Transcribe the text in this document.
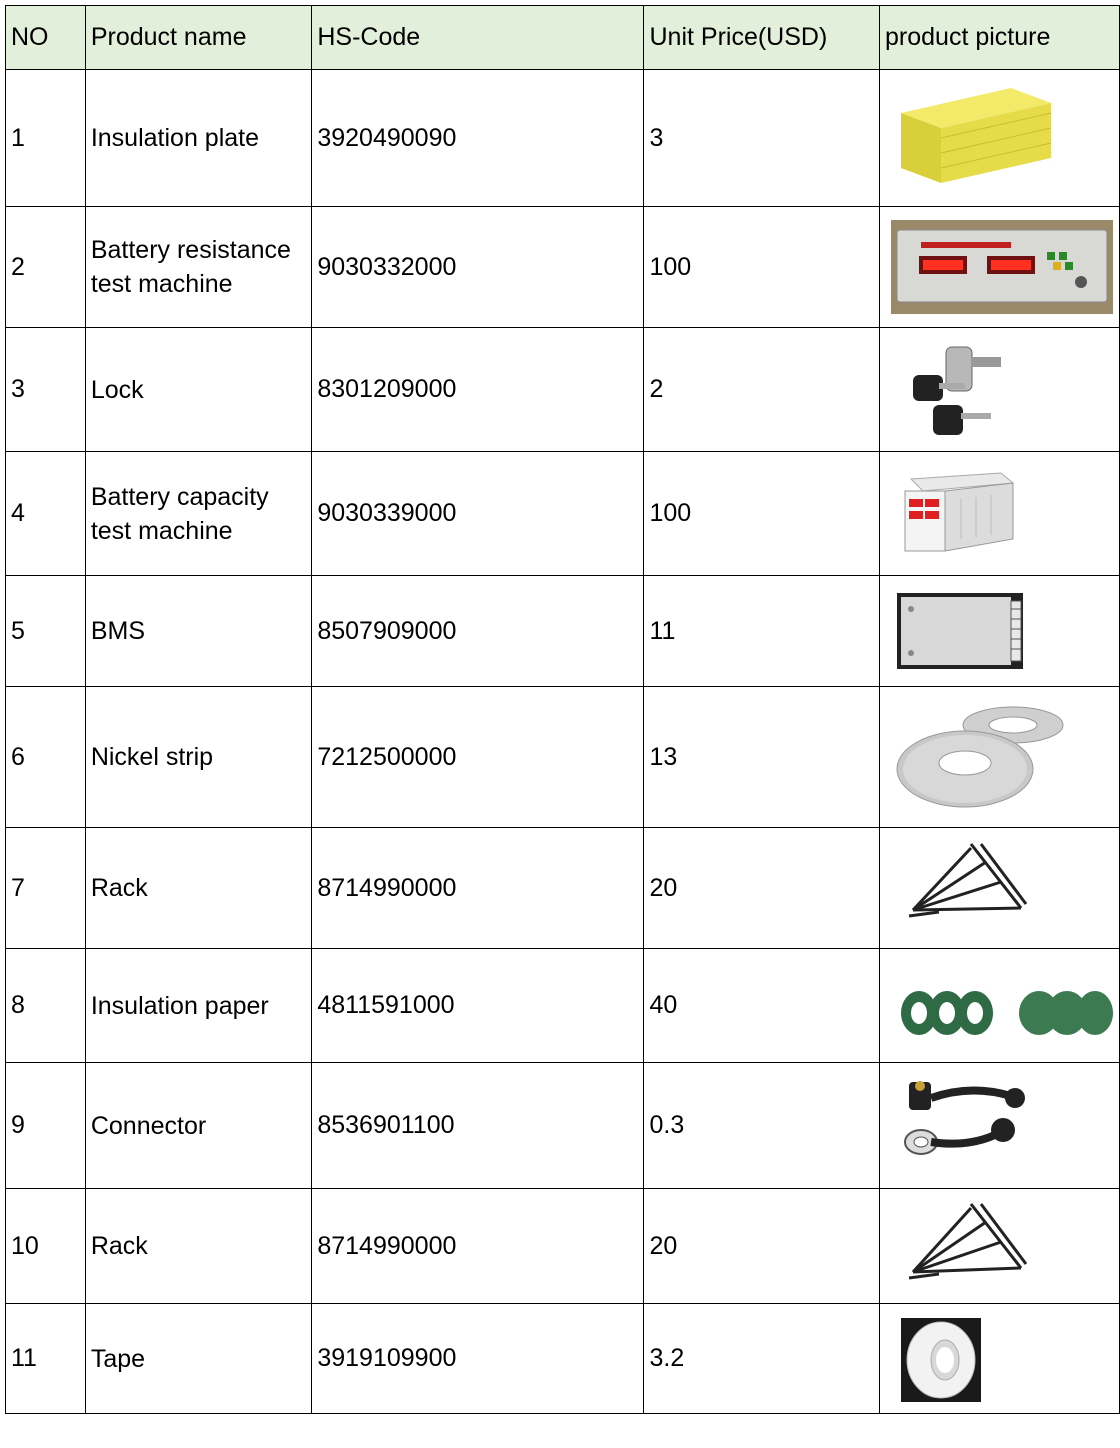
NO	Product name	HS-Code	Unit Price(USD)	product picture
1	Insulation plate	3920490090	3	

2	Battery resistance test machine	9030332000	100	

3	Lock	8301209000	2	

4	Battery capacity test machine	9030339000	100	

5	BMS	8507909000	11	

6	Nickel strip	7212500000	13	

7	Rack	8714990000	20	

8	Insulation paper	4811591000	40	

9	Connector	8536901100	0.3	

10	Rack	8714990000	20	

11	Tape	3919109900	3.2	
